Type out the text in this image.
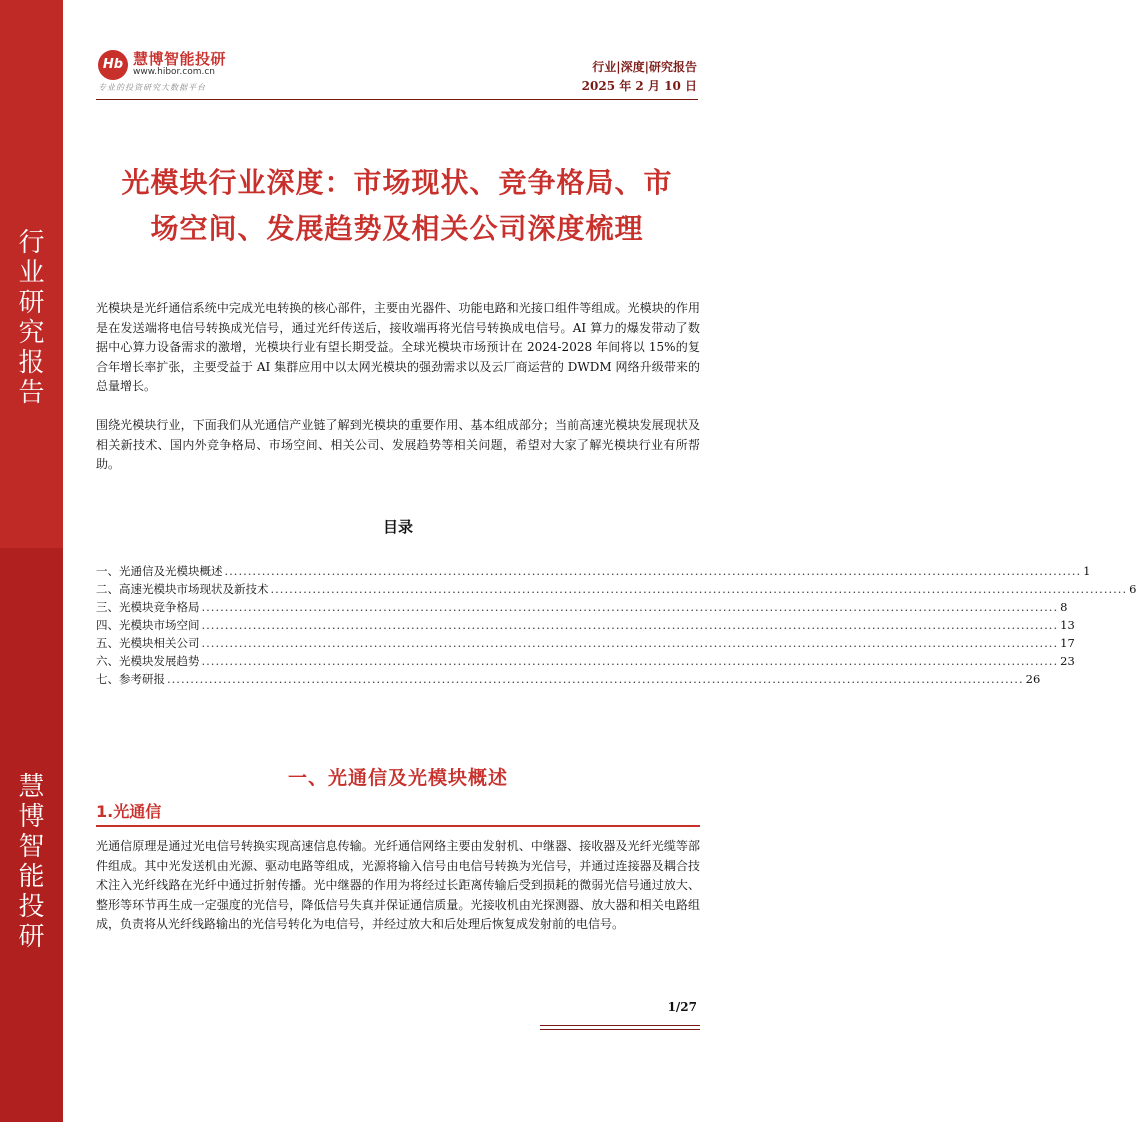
行
业
研
究
报
告
慧
博
智
能
投
研
Hb 慧博智能投研
www.hibor.com.cn
专业的投资研究大数据平台
行业|深度|研究报告
2025 年 2 月 10 日
光模块行业深度：市场现状、竞争格局、市
场空间、发展趋势及相关公司深度梳理
光模块是光纤通信系统中完成光电转换的核心部件，主要由光器件、功能电路和光接口组件等组成。光模块的作用是在发送端将电信号转换成光信号，通过光纤传送后，接收端再将光信号转换成电信号。AI 算力的爆发带动了数据中心算力设备需求的激增，光模块行业有望长期受益。全球光模块市场预计在 2024-2028 年间将以 15%的复合年增长率扩张，主要受益于 AI 集群应用中以太网光模块的强劲需求以及云厂商运营的 DWDM 网络升级带来的总量增长。
围绕光模块行业，下面我们从光通信产业链了解到光模块的重要作用、基本组成部分；当前高速光模块发展现状及相关新技术、国内外竞争格局、市场空间、相关公司、发展趋势等相关问题，希望对大家了解光模块行业有所帮助。
目录
一、光通信及光模块概述 ........................................................................................................................................................................................ 1
二、高速光模块市场现状及新技术 ........................................................................................................................................................................................ 6
三、光模块竞争格局 ........................................................................................................................................................................................ 8
四、光模块市场空间 ........................................................................................................................................................................................ 13
五、光模块相关公司 ........................................................................................................................................................................................ 17
六、光模块发展趋势 ........................................................................................................................................................................................ 23
七、参考研报 ........................................................................................................................................................................................ 26
一、光通信及光模块概述
1.光通信
光通信原理是通过光电信号转换实现高速信息传输。光纤通信网络主要由发射机、中继器、接收器及光纤光缆等部件组成。其中光发送机由光源、驱动电路等组成，光源将输入信号由电信号转换为光信号，并通过连接器及耦合技术注入光纤线路在光纤中通过折射传播。光中继器的作用为将经过长距离传输后受到损耗的微弱光信号通过放大、整形等环节再生成一定强度的光信号，降低信号失真并保证通信质量。光接收机由光探测器、放大器和相关电路组成，负责将从光纤线路输出的光信号转化为电信号，并经过放大和后处理后恢复成发射前的电信号。
1/27
